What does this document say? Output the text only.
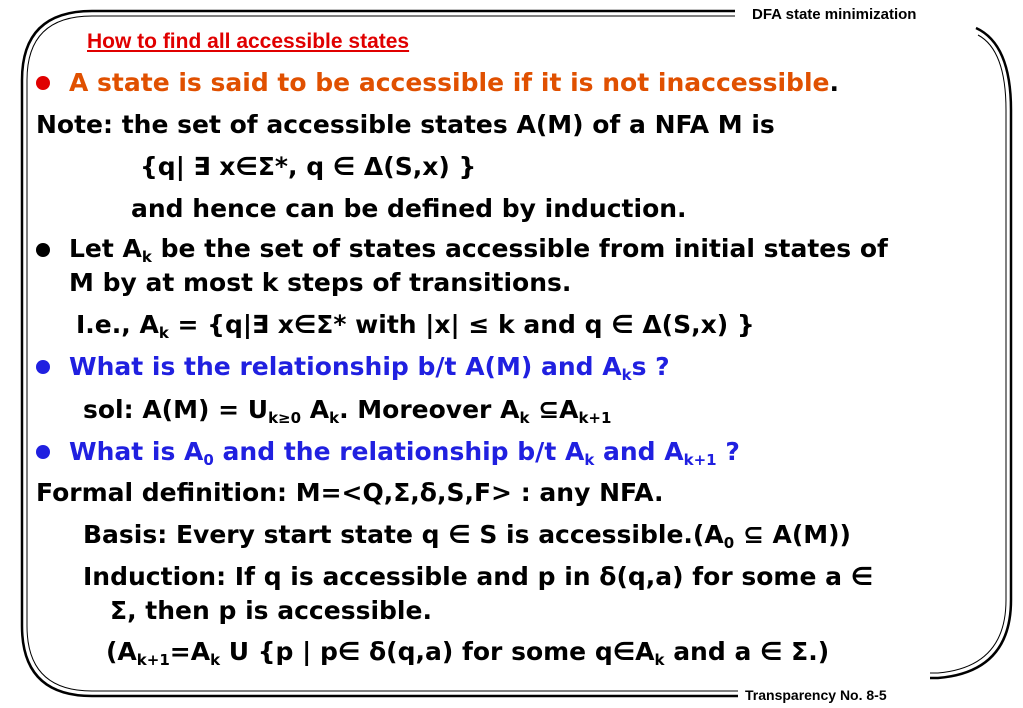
DFA state minimization
Transparency No. 8-5
How to find all accessible states
A state is said to be accessible if it is not inaccessible.
Note: the set of accessible states A(M) of a NFA M is
{q| ∃ x∈Σ*, q ∈ Δ(S,x) }
and hence can be defined by induction.
Let $A_k$ be the set of states accessible from initial states of
M by at most k steps of transitions.
I.e., $A_k$ = {q|∃ x∈Σ* with |x| ≤ k and q ∈ Δ(S,x) }
What is the relationship b/t A(M) and $A_ks$ ?
sol: $A(M) = U_{k\ge 0}$ $A_k$. Moreover $A_k$ $⊆A_{k+1}$
What is $A_0$ and the relationship b/t $A_k$ and $A_{k+1}$ ?
Formal definition: M=<Q,Σ,δ,S,F> : any NFA.
Basis: Every start state q ∈ S is $accessible.(A_0$ ⊆ A(M))
Induction: If q is accessible and p in δ(q,a) for some a ∈
Σ, then p is accessible.
($A_{k+1}=A_k$ U {p | p∈ δ(q,a) for some $q\in A_k$ and a ∈ Σ.)
